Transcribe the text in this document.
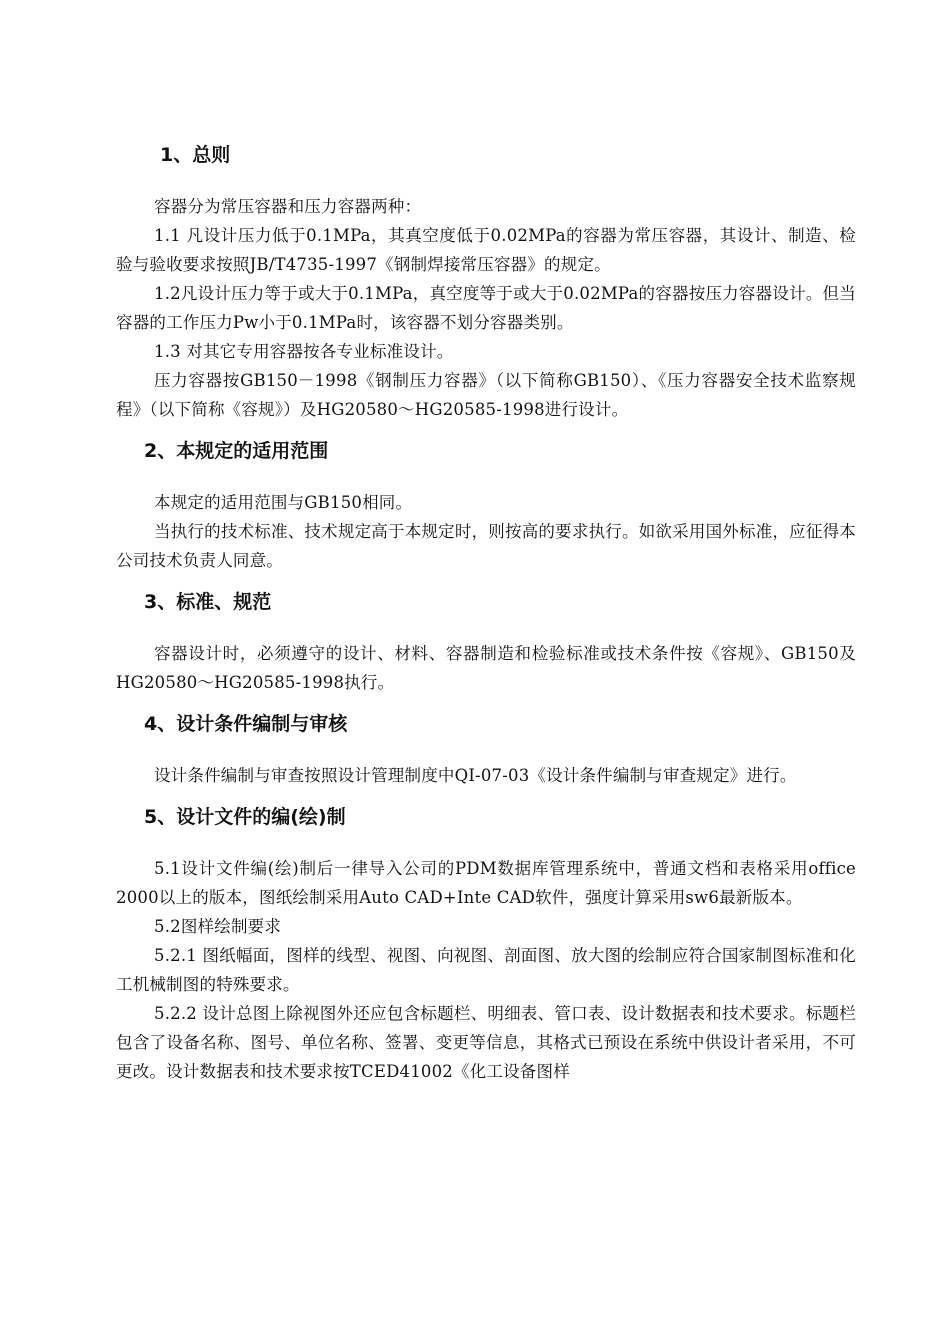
1、总则

容器分为常压容器和压力容器两种：

1.1 凡设计压力低于0.1MPa，其真空度低于0.02MPa的容器为常压容器，其设计、制造、检验与验收要求按照JB/T4735-1997《钢制焊接常压容器》的规定。

1.2凡设计压力等于或大于0.1MPa，真空度等于或大于0.02MPa的容器按压力容器设计。但当容器的工作压力Pw小于0.1MPa时，该容器不划分容器类别。

1.3 对其它专用容器按各专业标准设计。

压力容器按GB150－1998《钢制压力容器》（以下简称GB150）、《压力容器安全技术监察规程》（以下简称《容规》）及HG20580～HG20585-1998进行设计。

2、本规定的适用范围

本规定的适用范围与GB150相同。

当执行的技术标准、技术规定高于本规定时，则按高的要求执行。如欲采用国外标准，应征得本公司技术负责人同意。

3、标准、规范

容器设计时，必须遵守的设计、材料、容器制造和检验标准或技术条件按《容规》、GB150及HG20580～HG20585-1998执行。

4、设计条件编制与审核

设计条件编制与审查按照设计管理制度中QI-07-03《设计条件编制与审查规定》进行。

5、设计文件的编(绘)制

5.1设计文件编(绘)制后一律导入公司的PDM数据库管理系统中，普通文档和表格采用office 2000以上的版本，图纸绘制采用Auto CAD+Inte CAD软件，强度计算采用sw6最新版本。

5.2图样绘制要求

5.2.1 图纸幅面，图样的线型、视图、向视图、剖面图、放大图的绘制应符合国家制图标准和化工机械制图的特殊要求。

5.2.2 设计总图上除视图外还应包含标题栏、明细表、管口表、设计数据表和技术要求。标题栏包含了设备名称、图号、单位名称、签署、变更等信息，其格式已预设在系统中供设计者采用，不可更改。设计数据表和技术要求按TCED41002《化工设备图样
